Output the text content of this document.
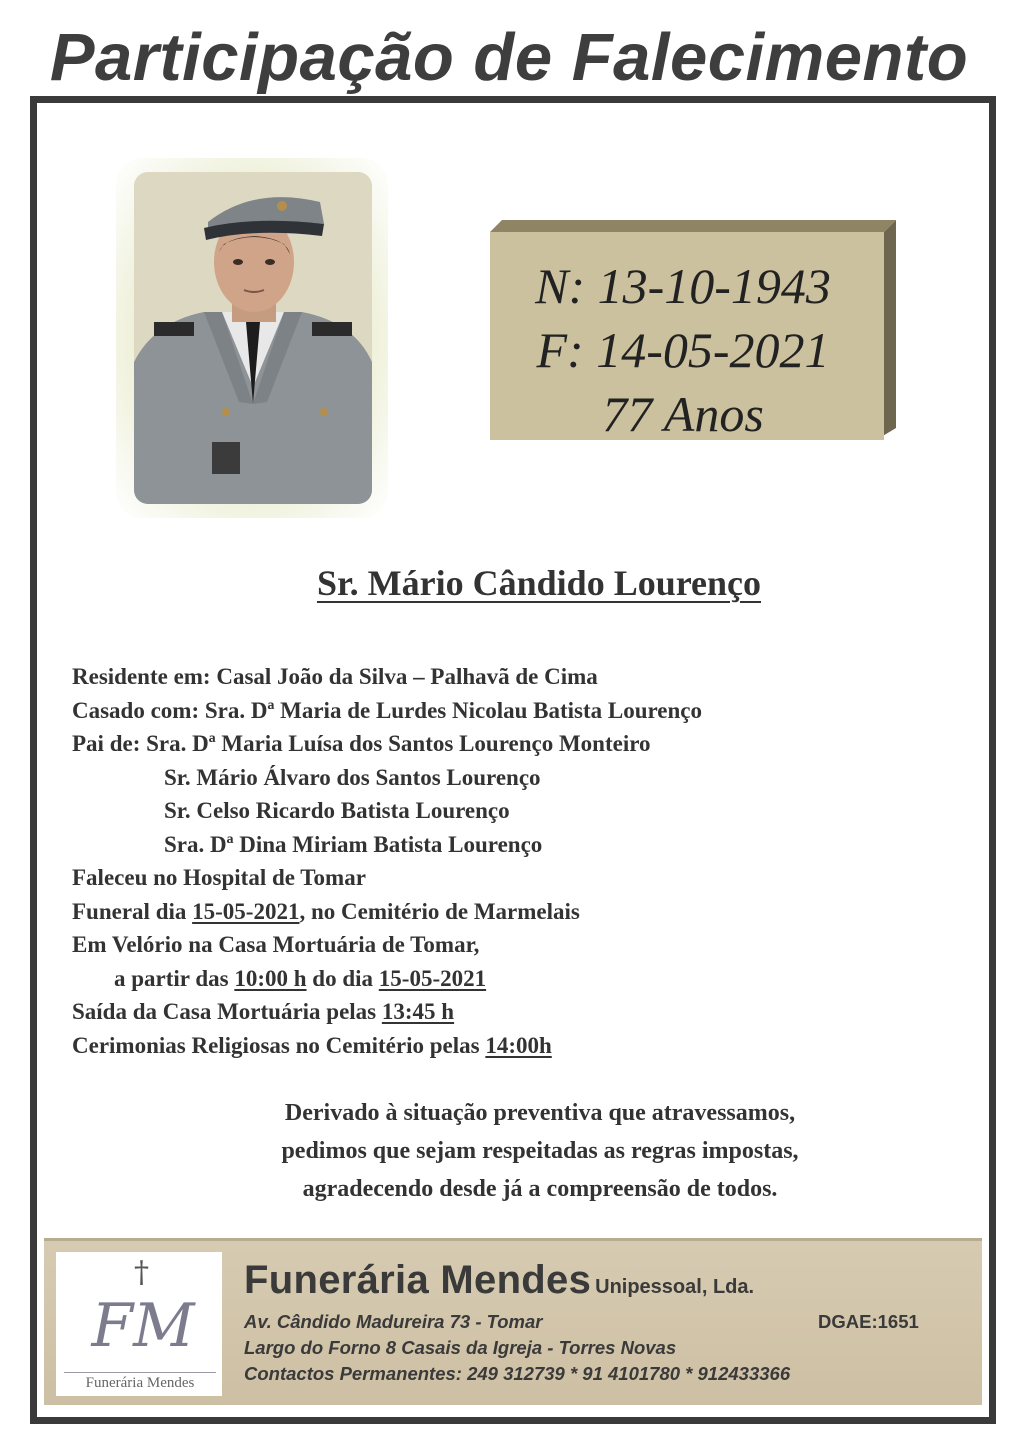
Participação de Falecimento
N: 13-10-1943
F: 14-05-2021
77 Anos
Sr. Mário Cândido Lourenço
Residente em: Casal João da Silva – Palhavã de Cima
Casado com: Sra. Dª Maria de Lurdes Nicolau Batista Lourenço
Pai de: Sra. Dª Maria Luísa dos Santos Lourenço Monteiro
Sr. Mário Álvaro dos Santos Lourenço
Sr. Celso Ricardo Batista Lourenço
Sra. Dª Dina Miriam Batista Lourenço
Faleceu no Hospital de Tomar
Funeral dia 15-05-2021, no Cemitério de Marmelais
Em Velório na Casa Mortuária de Tomar,
a partir das 10:00 h do dia 15-05-2021
Saída da Casa Mortuária pelas 13:45 h
Cerimonias Religiosas no Cemitério pelas 14:00h
Derivado à situação preventiva que atravessamos,
pedimos que sejam respeitadas as regras impostas,
agradecendo desde já a compreensão de todos.
†
FM
Funerária Mendes
Funerária Mendes Unipessoal, Lda.
Av. Cândido Madureira 73 - Tomar	DGAE:1651
Largo do Forno 8 Casais da Igreja - Torres Novas
Contactos Permanentes: 249 312739 * 91 4101780 * 912433366
